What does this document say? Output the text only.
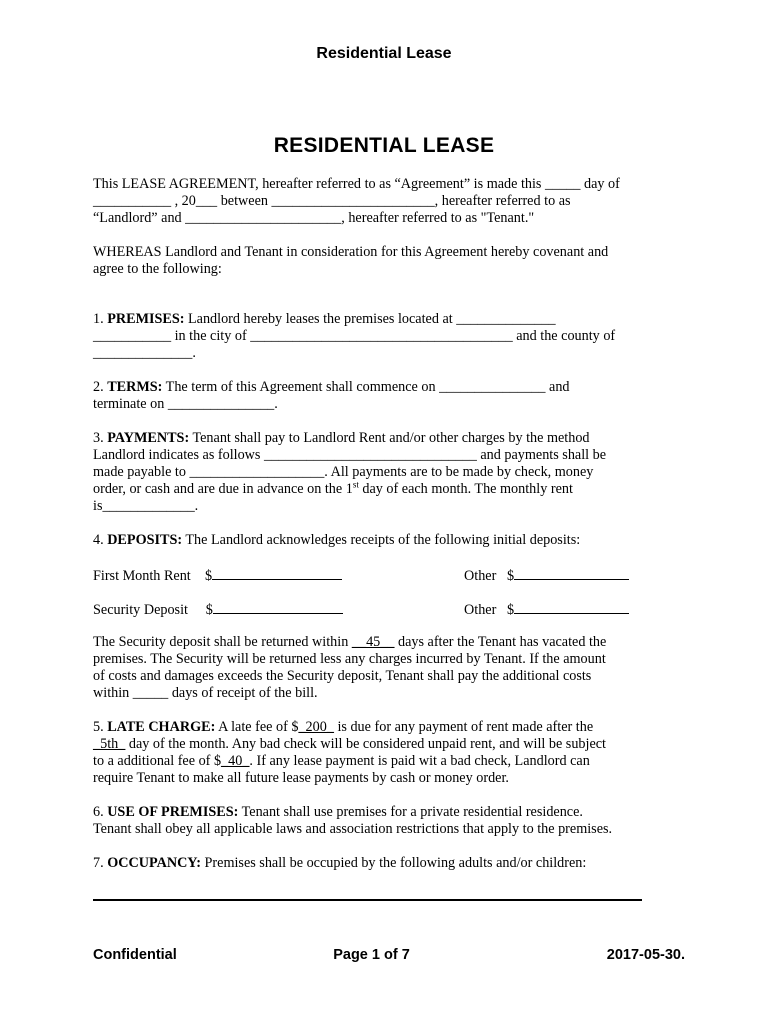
Residential Lease
RESIDENTIAL LEASE

This LEASE AGREEMENT, hereafter referred to as “Agreement” is made this _____ day of

___________ , 20___ between _______________________, hereafter referred to as

“Landlord” and ______________________, hereafter referred to as "Tenant."

WHEREAS Landlord and Tenant in consideration for this Agreement hereby covenant and

agree to the following:

1. PREMISES: Landlord hereby leases the premises located at ______________

___________ in the city of _____________________________________ and the county of

______________.

2. TERMS: The term of this Agreement shall commence on _______________ and

terminate on _______________.

3. PAYMENTS: Tenant shall pay to Landlord Rent and/or other charges by the method

Landlord indicates as follows ______________________________ and payments shall be

made payable to ___________________. All payments are to be made by check, money

order, or cash and are due in advance on the 1st day of each month. The monthly rent

is_____________.

4. DEPOSITS: The Landlord acknowledges receipts of the following initial deposits:

First Month Rent $	Other $
Security Deposit $	Other $

The Security deposit shall be returned within __45__ days after the Tenant has vacated the

premises. The Security will be returned less any charges incurred by Tenant. If the amount

of costs and damages exceeds the Security deposit, Tenant shall pay the additional costs

within _____ days of receipt of the bill.

5. LATE CHARGE: A late fee of $_200_ is due for any payment of rent made after the

_5th_ day of the month. Any bad check will be considered unpaid rent, and will be subject

to a additional fee of $_40_. If any lease payment is paid wit a bad check, Landlord can

require Tenant to make all future lease payments by cash or money order.

6. USE OF PREMISES: Tenant shall use premises for a private residential residence.

Tenant shall obey all applicable laws and association restrictions that apply to the premises.

7. OCCUPANCY: Premises shall be occupied by the following adults and/or children:

Confidential	Page 1 of 7	2017-05-30.
